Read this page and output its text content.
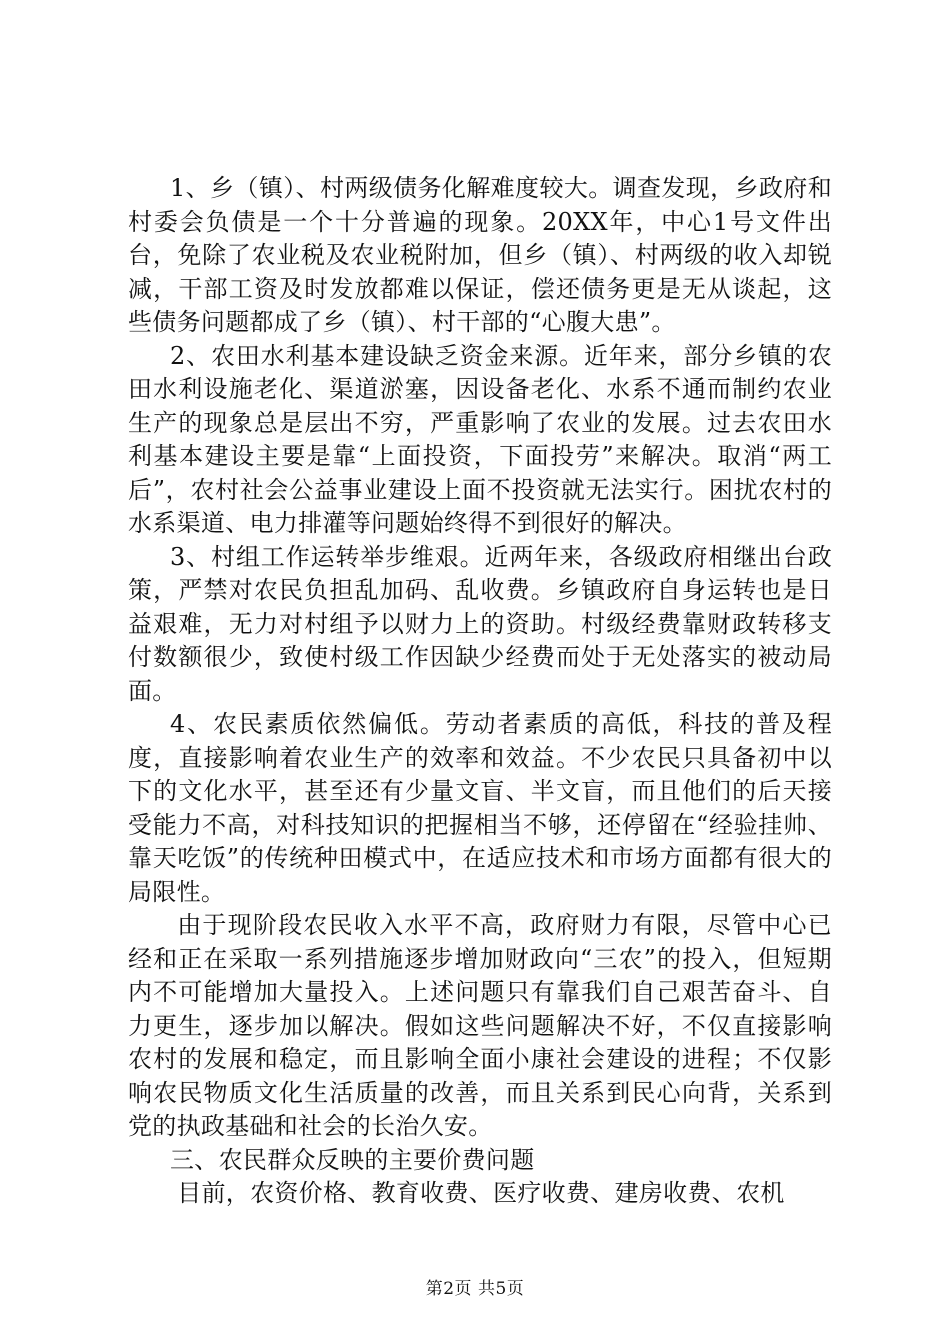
1、乡（镇）、村两级债务化解难度较大。调查发现，乡政府和村委会负债是一个十分普遍的现象。20XX年，中心1号文件出台，免除了农业税及农业税附加，但乡（镇）、村两级的收入却锐减，干部工资及时发放都难以保证，偿还债务更是无从谈起，这些债务问题都成了乡（镇）、村干部的“心腹大患”。

2、农田水利基本建设缺乏资金来源。近年来，部分乡镇的农田水利设施老化、渠道淤塞，因设备老化、水系不通而制约农业生产的现象总是层出不穷，严重影响了农业的发展。过去农田水利基本建设主要是靠“上面投资，下面投劳”来解决。取消“两工后”，农村社会公益事业建设上面不投资就无法实行。困扰农村的水系渠道、电力排灌等问题始终得不到很好的解决。

3、村组工作运转举步维艰。近两年来，各级政府相继出台政策，严禁对农民负担乱加码、乱收费。乡镇政府自身运转也是日益艰难，无力对村组予以财力上的资助。村级经费靠财政转移支付数额很少，致使村级工作因缺少经费而处于无处落实的被动局面。

4、农民素质依然偏低。劳动者素质的高低，科技的普及程度，直接影响着农业生产的效率和效益。不少农民只具备初中以下的文化水平，甚至还有少量文盲、半文盲，而且他们的后天接受能力不高，对科技知识的把握相当不够，还停留在“经验挂帅、靠天吃饭”的传统种田模式中，在适应技术和市场方面都有很大的局限性。

由于现阶段农民收入水平不高，政府财力有限，尽管中心已经和正在采取一系列措施逐步增加财政向“三农”的投入，但短期内不可能增加大量投入。上述问题只有靠我们自己艰苦奋斗、自力更生，逐步加以解决。假如这些问题解决不好，不仅直接影响农村的发展和稳定，而且影响全面小康社会建设的进程；不仅影响农民物质文化生活质量的改善，而且关系到民心向背，关系到党的执政基础和社会的长治久安。

三、农民群众反映的主要价费问题

目前，农资价格、教育收费、医疗收费、建房收费、农机

第2页 共5页
